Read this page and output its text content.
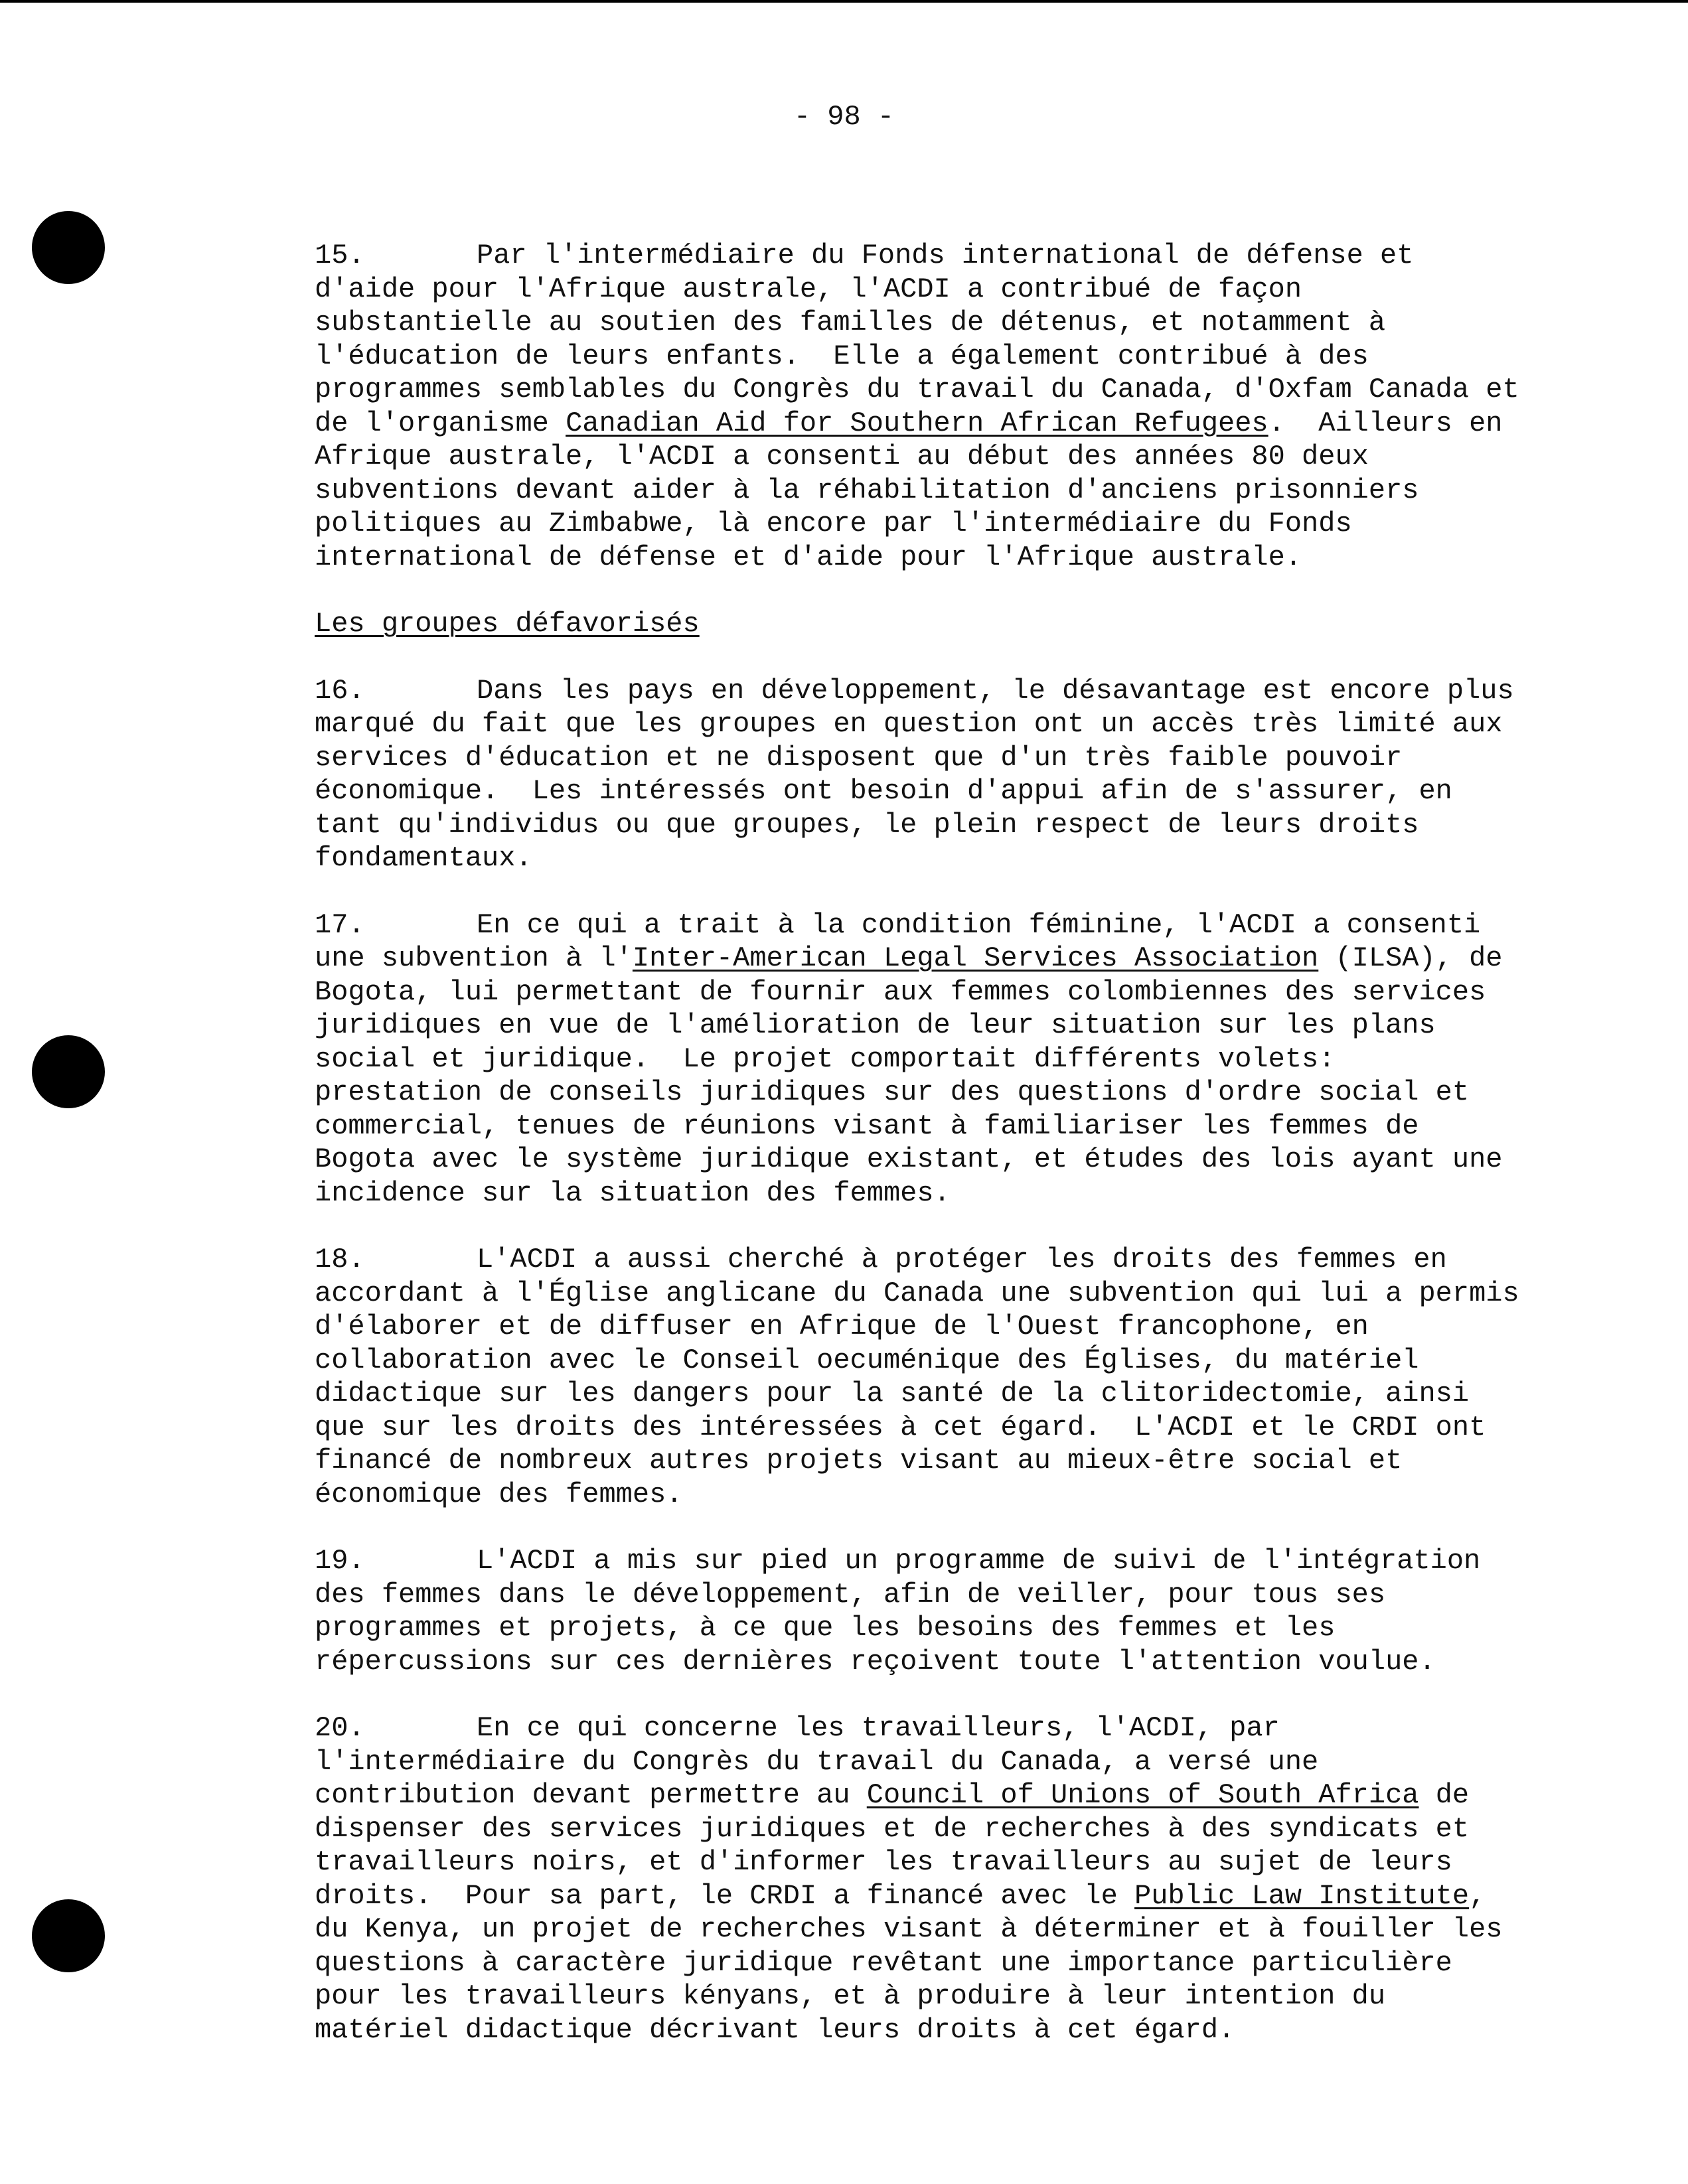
- 98 -
15.	Par l'intermédiaire du Fonds international de défense et
d'aide pour l'Afrique australe, l'ACDI a contribué de façon
substantielle au soutien des familles de détenus, et notamment à
l'éducation de leurs enfants.  Elle a également contribué à des
programmes semblables du Congrès du travail du Canada, d'Oxfam Canada et
de l'organisme Canadian Aid for Southern African Refugees.  Ailleurs en
Afrique australe, l'ACDI a consenti au début des années 80 deux
subventions devant aider à la réhabilitation d'anciens prisonniers
politiques au Zimbabwe, là encore par l'intermédiaire du Fonds
international de défense et d'aide pour l'Afrique australe.
Les groupes défavorisés
16.	Dans les pays en développement, le désavantage est encore plus
marqué du fait que les groupes en question ont un accès très limité aux
services d'éducation et ne disposent que d'un très faible pouvoir
économique.  Les intéressés ont besoin d'appui afin de s'assurer, en
tant qu'individus ou que groupes, le plein respect de leurs droits
fondamentaux.
17.	En ce qui a trait à la condition féminine, l'ACDI a consenti
une subvention à l'Inter-American Legal Services Association (ILSA), de
Bogota, lui permettant de fournir aux femmes colombiennes des services
juridiques en vue de l'amélioration de leur situation sur les plans
social et juridique.  Le projet comportait différents volets:
prestation de conseils juridiques sur des questions d'ordre social et
commercial, tenues de réunions visant à familiariser les femmes de
Bogota avec le système juridique existant, et études des lois ayant une
incidence sur la situation des femmes.
18.	L'ACDI a aussi cherché à protéger les droits des femmes en
accordant à l'Église anglicane du Canada une subvention qui lui a permis
d'élaborer et de diffuser en Afrique de l'Ouest francophone, en
collaboration avec le Conseil oecuménique des Églises, du matériel
didactique sur les dangers pour la santé de la clitoridectomie, ainsi
que sur les droits des intéressées à cet égard.  L'ACDI et le CRDI ont
financé de nombreux autres projets visant au mieux-être social et
économique des femmes.
19.	L'ACDI a mis sur pied un programme de suivi de l'intégration
des femmes dans le développement, afin de veiller, pour tous ses
programmes et projets, à ce que les besoins des femmes et les
répercussions sur ces dernières reçoivent toute l'attention voulue.
20.	En ce qui concerne les travailleurs, l'ACDI, par
l'intermédiaire du Congrès du travail du Canada, a versé une
contribution devant permettre au Council of Unions of South Africa de
dispenser des services juridiques et de recherches à des syndicats et
travailleurs noirs, et d'informer les travailleurs au sujet de leurs
droits.  Pour sa part, le CRDI a financé avec le Public Law Institute,
du Kenya, un projet de recherches visant à déterminer et à fouiller les
questions à caractère juridique revêtant une importance particulière
pour les travailleurs kényans, et à produire à leur intention du
matériel didactique décrivant leurs droits à cet égard.
